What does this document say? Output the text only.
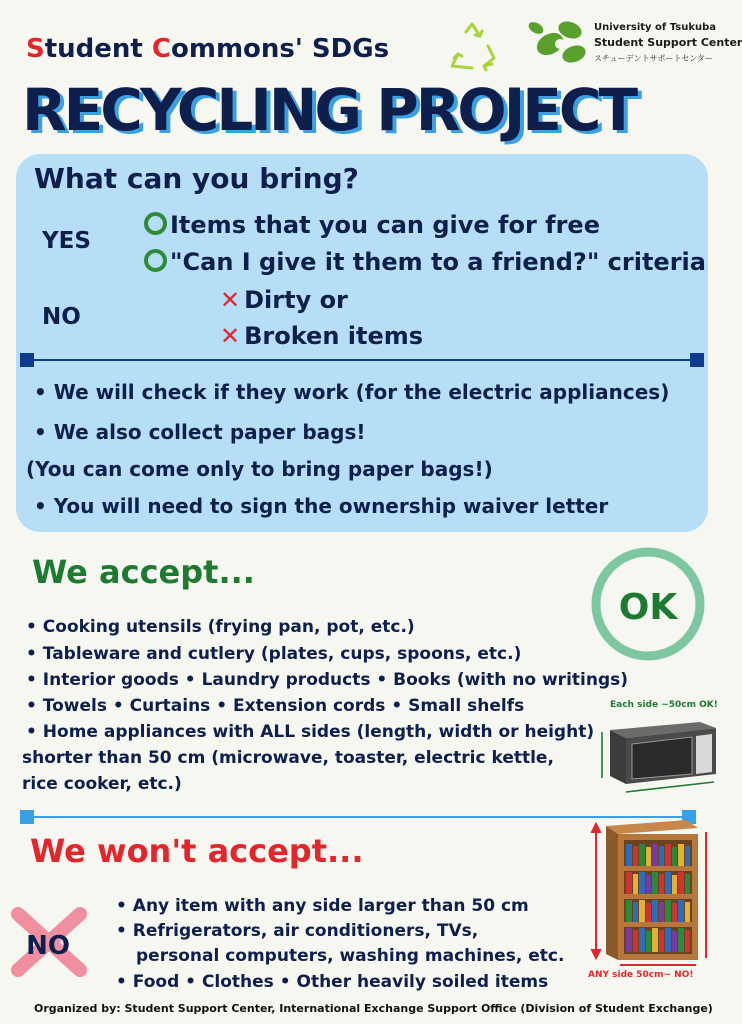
Student Commons' SDGs
RECYCLING PROJECT
University of Tsukuba
Student Support Center
スチューデントサポートセンター
What can you bring?
YES
NO
Items that you can give for free
"Can I give it them to a friend?" criteria
✕ Dirty or
✕ Broken items
• We will check if they work (for the electric appliances)
• We also collect paper bags!
(You can come only to bring paper bags!)
• You will need to sign the ownership waiver letter
We accept...
OK
• Cooking utensils (frying pan, pot, etc.)
• Tableware and cutlery (plates, cups, spoons, etc.)
• Interior goods • Laundry products • Books (with no writings)
• Towels • Curtains • Extension cords • Small shelfs
• Home appliances with ALL sides (length, width or height)
shorter than 50 cm (microwave, toaster, electric kettle,
rice cooker, etc.)
Each side ~50cm OK!
We won't accept...
NO
• Any item with any side larger than 50 cm
• Refrigerators, air conditioners, TVs,
personal computers, washing machines, etc.
• Food • Clothes • Other heavily soiled items	ANY side 50cm~ NO!
Organized by: Student Support Center, International Exchange Support Office (Division of Student Exchange)
